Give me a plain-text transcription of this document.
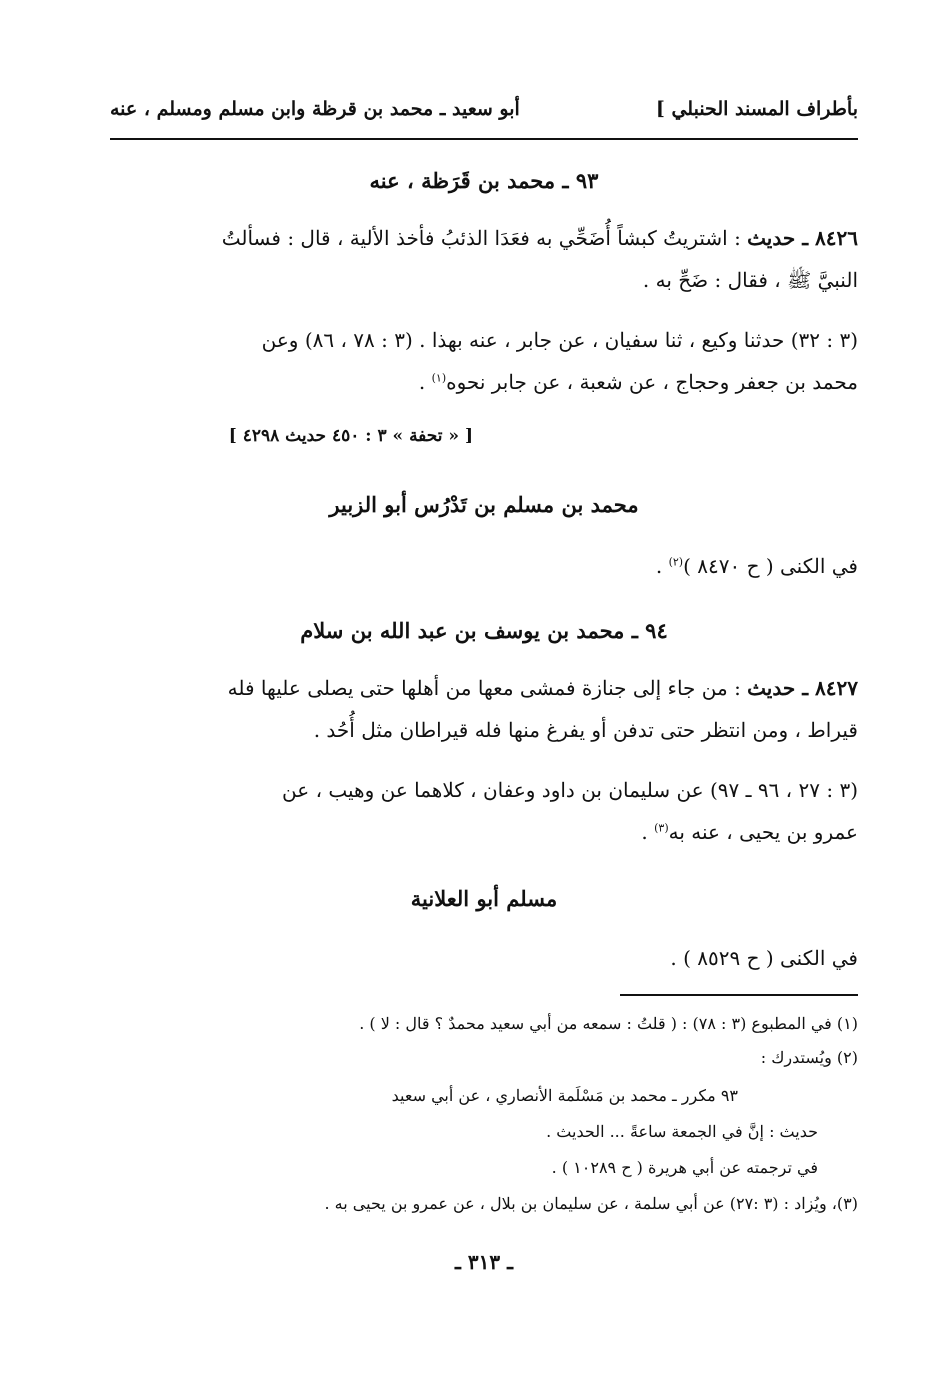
بأطراف المسند الحنبلي ]
أبو سعيد ـ محمد بن قرظة وابن مسلم ومسلم ، عنه
٩٣ ـ محمد بن قَرَظة ، عنه
٨٤٢٦ ـ حديث : اشتريتُ كبشاً أُضَحِّي به فعَدَا الذئبُ فأخذ الألية ، قال : فسألتُ
النبيَّ ﷺ ، فقال : ضَحِّ به .
(٣ : ٣٢) حدثنا وكيع ، ثنا سفيان ، عن جابر ، عنه بهذا . (٣ : ٧٨ ، ٨٦) وعن
محمد بن جعفر وحجاج ، عن شعبة ، عن جابر نحوه$^{(١)}$ .
[ « تحفة » ٣ : ٤٥٠ حديث ٤٢٩٨ ]
محمد بن مسلم بن تَدْرُس أبو الزبير
في الكنى ( ح ٨٤٧٠ )$^{(٢)}$ .
٩٤ ـ محمد بن يوسف بن عبد الله بن سلام
٨٤٢٧ ـ حديث : من جاء إلى جنازة فمشى معها من أهلها حتى يصلى عليها فله
قيراط ، ومن انتظر حتى تدفن أو يفرغ منها فله قيراطان مثل أُحُد .
(٣ : ٢٧ ، ٩٦ ـ ٩٧) عن سليمان بن داود وعفان ، كلاهما عن وهيب ، عن
عمرو بن يحيى ، عنه به$^{(٣)}$ .
مسلم أبو العلانية
في الكنى ( ح ٨٥٢٩ ) .
(١) في المطبوع (٣ : ٧٨) : ( قلتُ : سمعه من أبي سعيد محمدٌ ؟ قال : لا ) .
(٢) ويُستدرك :
٩٣ مكرر ـ محمد بن مَسْلَمة الأنصاري ، عن أبي سعيد
حديث : إنَّ في الجمعة ساعةً ... الحديث .
في ترجمته عن أبي هريرة ( ح ١٠٢٨٩ ) .
(٣)، ويُزاد : (٣ :٢٧) عن أبي سلمة ، عن سليمان بن بلال ، عن عمرو بن يحيى به .
ـ ٣١٣ ـ
